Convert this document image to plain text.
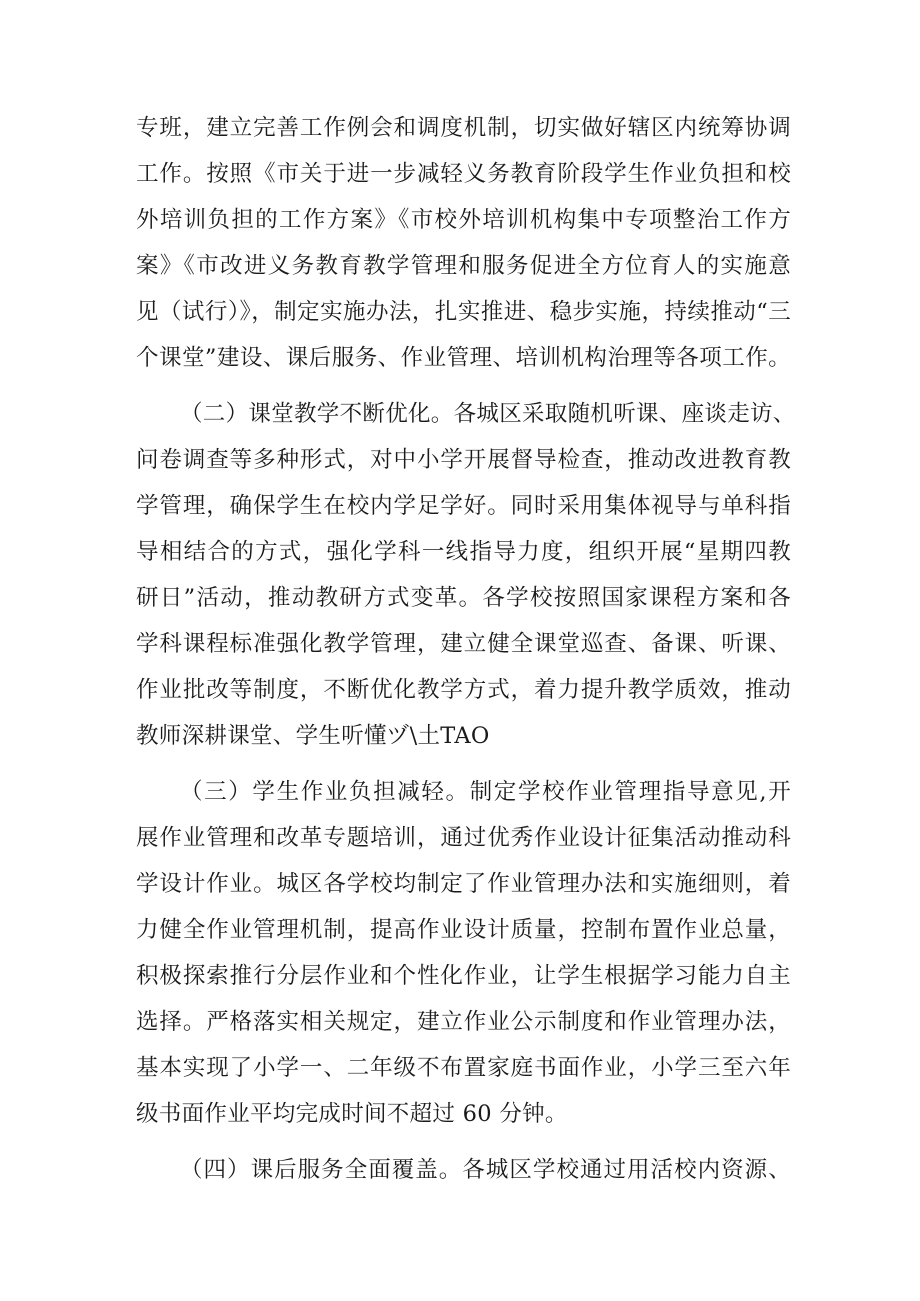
专班，建立完善工作例会和调度机制，切实做好辖区内统筹协调
工作。按照《市关于进一步减轻义务教育阶段学生作业负担和校
外培训负担的工作方案》《市校外培训机构集中专项整治工作方
案》《市改进义务教育教学管理和服务促进全方位育人的实施意
见（试行）》，制定实施办法，扎实推进、稳步实施，持续推动“三
个课堂”建设、课后服务、作业管理、培训机构治理等各项工作。
（二）课堂教学不断优化。各城区采取随机听课、座谈走访、
问卷调查等多种形式，对中小学开展督导检查，推动改进教育教
学管理，确保学生在校内学足学好。同时采用集体视导与单科指
导相结合的方式，强化学科一线指导力度，组织开展“星期四教
研日”活动，推动教研方式变革。各学校按照国家课程方案和各
学科课程标准强化教学管理，建立健全课堂巡查、备课、听课、
作业批改等制度，不断优化教学方式，着力提升教学质效，推动
教师深耕课堂、学生听懂ヅ\土TAO
（三）学生作业负担减轻。制定学校作业管理指导意见,开
展作业管理和改革专题培训，通过优秀作业设计征集活动推动科
学设计作业。城区各学校均制定了作业管理办法和实施细则，着
力健全作业管理机制，提高作业设计质量，控制布置作业总量，
积极探索推行分层作业和个性化作业，让学生根据学习能力自主
选择。严格落实相关规定，建立作业公示制度和作业管理办法，
基本实现了小学一、二年级不布置家庭书面作业，小学三至六年
级书面作业平均完成时间不超过 60 分钟。
（四）课后服务全面覆盖。各城区学校通过用活校内资源、
